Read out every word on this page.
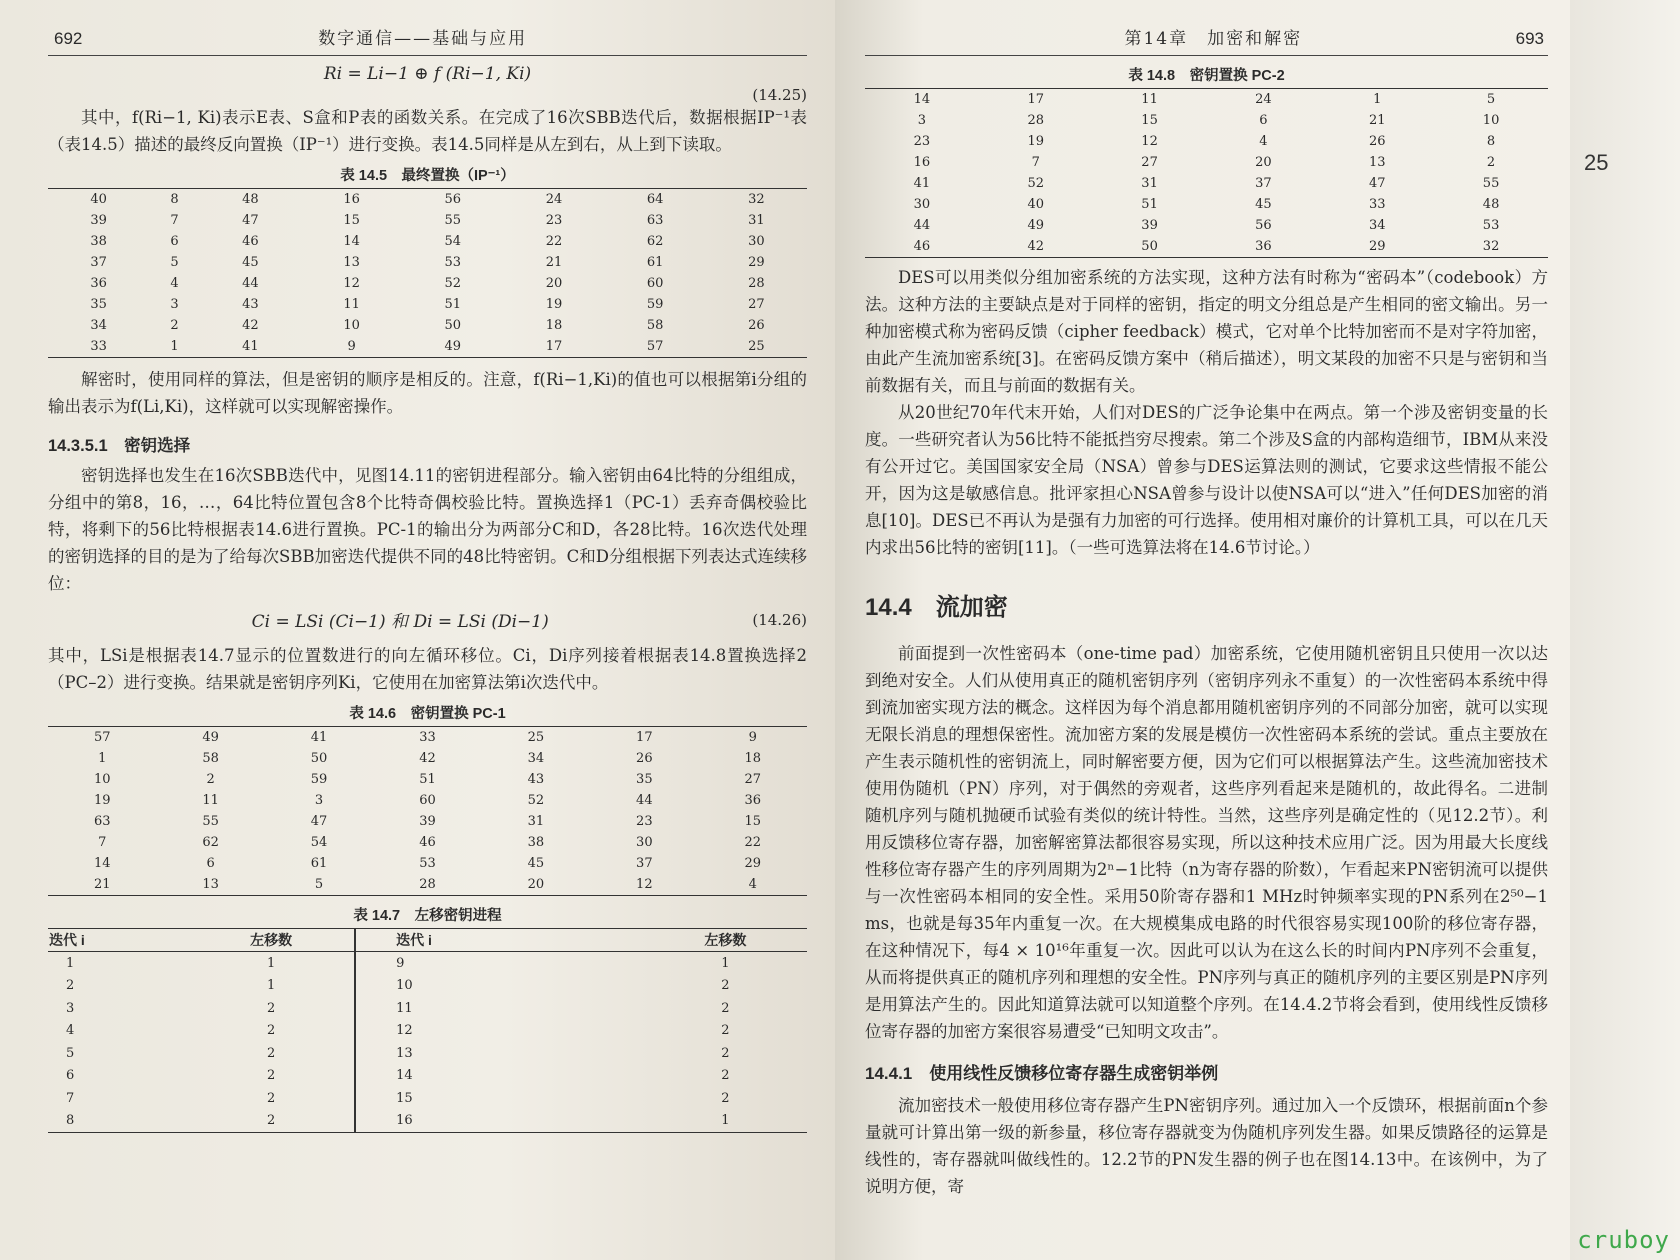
692	数字通信——基础与应用
Ri = Li−1 ⊕ f (Ri−1, Ki)
(14.25)

其中，f(Ri−1, Ki)表示E表、S盒和P表的函数关系。在完成了16次SBB迭代后，数据根据IP⁻¹表（表14.5）描述的最终反向置换（IP⁻¹）进行变换。表14.5同样是从左到右，从上到下读取。

表 14.5　最终置换（IP⁻¹）
40	8	48	16	56	24	64	32
39	7	47	15	55	23	63	31
38	6	46	14	54	22	62	30
37	5	45	13	53	21	61	29
36	4	44	12	52	20	60	28
35	3	43	11	51	19	59	27
34	2	42	10	50	18	58	26
33	1	41	9	49	17	57	25

解密时，使用同样的算法，但是密钥的顺序是相反的。注意，f(Ri−1,Ki)的值也可以根据第i分组的输出表示为f(Li,Ki)，这样就可以实现解密操作。

14.3.5.1　密钥选择

密钥选择也发生在16次SBB迭代中，见图14.11的密钥进程部分。输入密钥由64比特的分组组成，分组中的第8，16，…，64比特位置包含8个比特奇偶校验比特。置换选择1（PC-1）丢弃奇偶校验比特，将剩下的56比特根据表14.6进行置换。PC-1的输出分为两部分C和D，各28比特。16次迭代处理的密钥选择的目的是为了给每次SBB加密迭代提供不同的48比特密钥。C和D分组根据下列表达式连续移位：

Ci = LSi (Ci−1) 和 Di = LSi (Di−1)	(14.26)

其中，LSi是根据表14.7显示的位置数进行的向左循环移位。Ci，Di序列接着根据表14.8置换选择2（PC–2）进行变换。结果就是密钥序列Ki，它使用在加密算法第i次迭代中。

表 14.6　密钥置换 PC-1
57	49	41	33	25	17	9
1	58	50	42	34	26	18
10	2	59	51	43	35	27
19	11	3	60	52	44	36
63	55	47	39	31	23	15
7	62	54	46	38	30	22
14	6	61	53	45	37	29
21	13	5	28	20	12	4
表 14.7　左移密钥进程
迭代 i	左移数	迭代 i	左移数
1	1	9	1
2	1	10	2
3	2	11	2
4	2	12	2
5	2	13	2
6	2	14	2
7	2	15	2
8	2	16	1
第14章　加密和解密	693
表 14.8　密钥置换 PC-2
14	17	11	24	1	5
3	28	15	6	21	10
23	19	12	4	26	8
16	7	27	20	13	2
41	52	31	37	47	55
30	40	51	45	33	48
44	49	39	56	34	53
46	42	50	36	29	32

DES可以用类似分组加密系统的方法实现，这种方法有时称为“密码本”（codebook）方法。这种方法的主要缺点是对于同样的密钥，指定的明文分组总是产生相同的密文输出。另一种加密模式称为密码反馈（cipher feedback）模式，它对单个比特加密而不是对字符加密，由此产生流加密系统[3]。在密码反馈方案中（稍后描述），明文某段的加密不只是与密钥和当前数据有关，而且与前面的数据有关。

从20世纪70年代末开始，人们对DES的广泛争论集中在两点。第一个涉及密钥变量的长度。一些研究者认为56比特不能抵挡穷尽搜索。第二个涉及S盒的内部构造细节，IBM从来没有公开过它。美国国家安全局（NSA）曾参与DES运算法则的测试，它要求这些情报不能公开，因为这是敏感信息。批评家担心NSA曾参与设计以使NSA可以“进入”任何DES加密的消息[10]。DES已不再认为是强有力加密的可行选择。使用相对廉价的计算机工具，可以在几天内求出56比特的密钥[11]。（一些可选算法将在14.6节讨论。）

14.4　流加密

前面提到一次性密码本（one-time pad）加密系统，它使用随机密钥且只使用一次以达到绝对安全。人们从使用真正的随机密钥序列（密钥序列永不重复）的一次性密码本系统中得到流加密实现方法的概念。这样因为每个消息都用随机密钥序列的不同部分加密，就可以实现无限长消息的理想保密性。流加密方案的发展是模仿一次性密码本系统的尝试。重点主要放在产生表示随机性的密钥流上，同时解密要方便，因为它们可以根据算法产生。这些流加密技术使用伪随机（PN）序列，对于偶然的旁观者，这些序列看起来是随机的，故此得名。二进制随机序列与随机抛硬币试验有类似的统计特性。当然，这些序列是确定性的（见12.2节）。利用反馈移位寄存器，加密解密算法都很容易实现，所以这种技术应用广泛。因为用最大长度线性移位寄存器产生的序列周期为2ⁿ−1比特（n为寄存器的阶数），乍看起来PN密钥流可以提供与一次性密码本相同的安全性。采用50阶寄存器和1 MHz时钟频率实现的PN系列在2⁵⁰−1 ms，也就是每35年内重复一次。在大规模集成电路的时代很容易实现100阶的移位寄存器，在这种情况下，每4 × 10¹⁶年重复一次。因此可以认为在这么长的时间内PN序列不会重复，从而将提供真正的随机序列和理想的安全性。PN序列与真正的随机序列的主要区别是PN序列是用算法产生的。因此知道算法就可以知道整个序列。在14.4.2节将会看到，使用线性反馈移位寄存器的加密方案很容易遭受“已知明文攻击”。

14.4.1　使用线性反馈移位寄存器生成密钥举例

流加密技术一般使用移位寄存器产生PN密钥序列。通过加入一个反馈环，根据前面n个参量就可计算出第一级的新参量，移位寄存器就变为伪随机序列发生器。如果反馈路径的运算是线性的，寄存器就叫做线性的。12.2节的PN发生器的例子也在图14.13中。在该例中，为了说明方便，寄

25
cruboy
